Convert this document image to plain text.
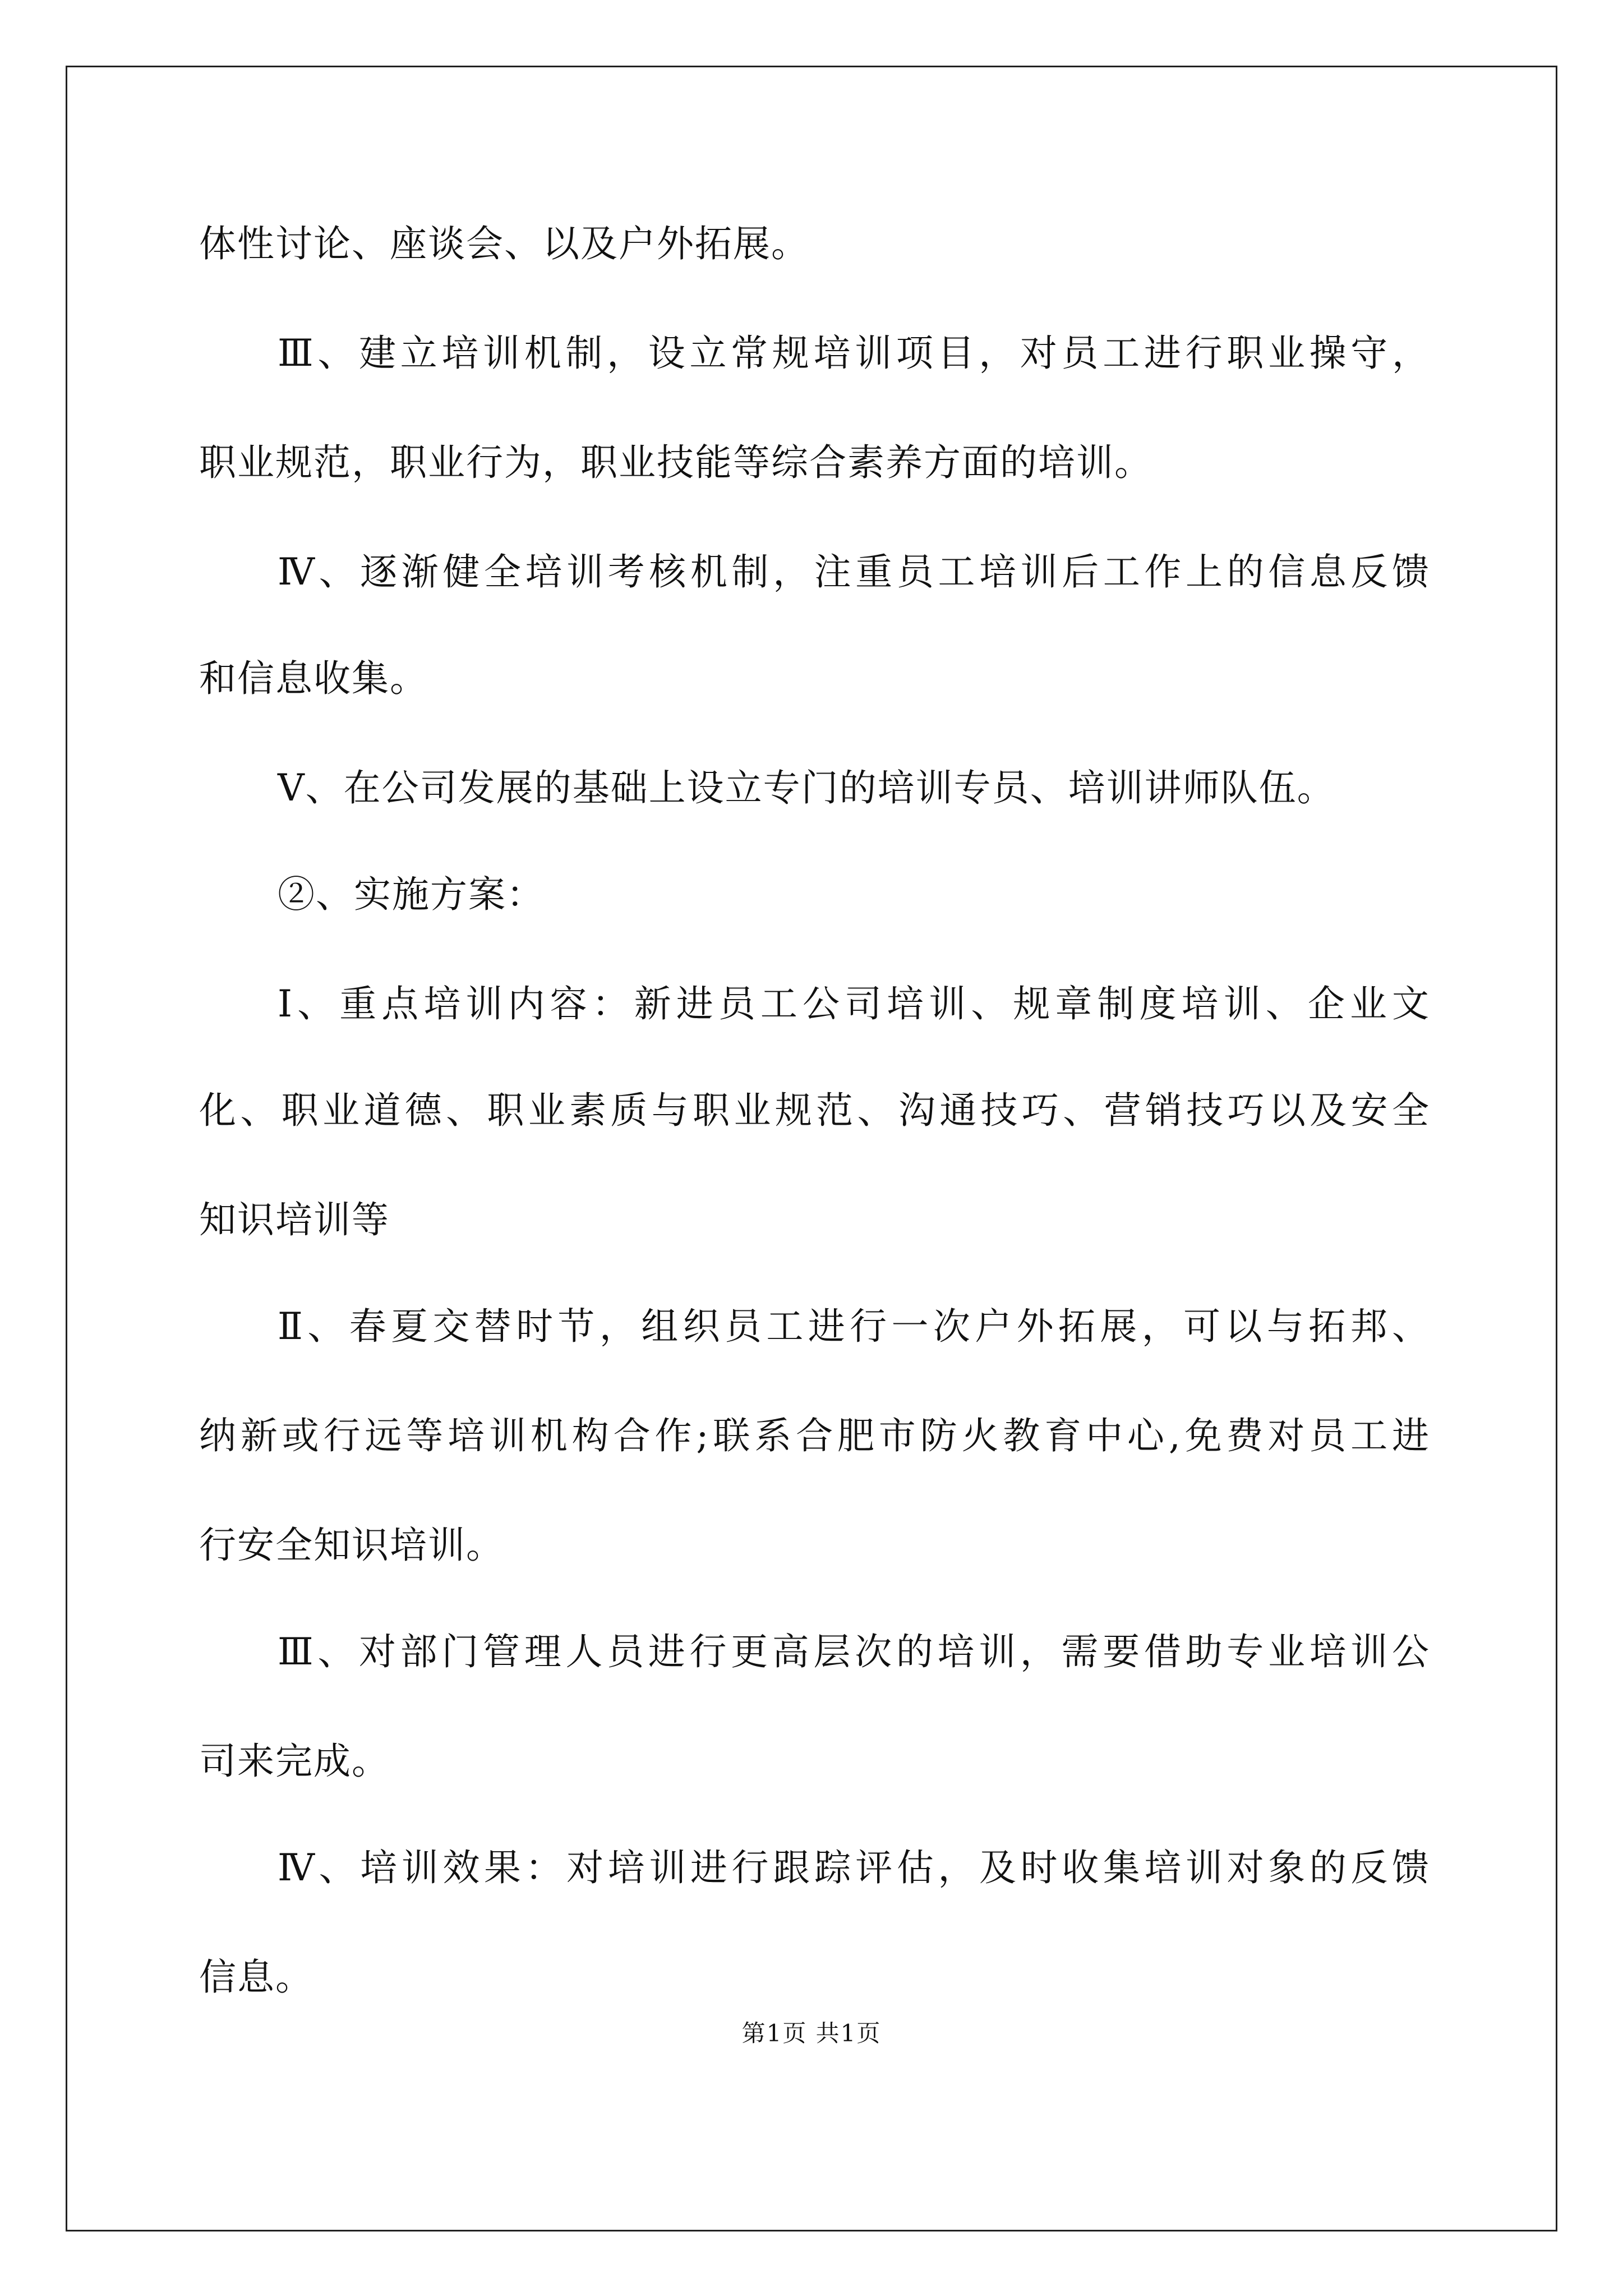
体性讨论、座谈会、以及户外拓展。
Ⅲ、建立培训机制，设立常规培训项目，对员工进行职业操守，
职业规范，职业行为，职业技能等综合素养方面的培训。
Ⅳ、逐渐健全培训考核机制，注重员工培训后工作上的信息反馈
和信息收集。
Ⅴ、在公司发展的基础上设立专门的培训专员、培训讲师队伍。
②、实施方案：
Ⅰ、重点培训内容：新进员工公司培训、规章制度培训、企业文
化、职业道德、职业素质与职业规范、沟通技巧、营销技巧以及安全
知识培训等
Ⅱ、春夏交替时节，组织员工进行一次户外拓展，可以与拓邦、
纳新或行远等培训机构合作;联系合肥市防火教育中心,免费对员工进
行安全知识培训。
Ⅲ、对部门管理人员进行更高层次的培训，需要借助专业培训公
司来完成。
Ⅳ、培训效果：对培训进行跟踪评估，及时收集培训对象的反馈
信息。
第1页 共1页
